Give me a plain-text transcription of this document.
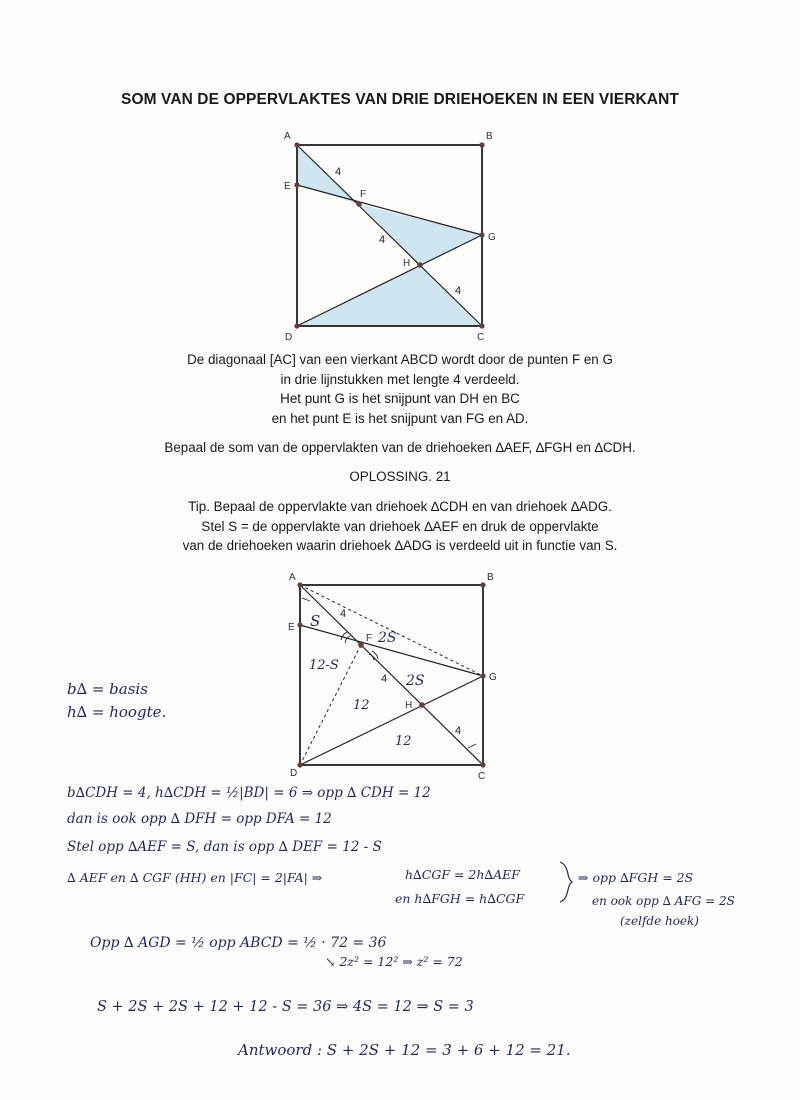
SOM VAN DE OPPERVLAKTES VAN DRIE DRIEHOEKEN IN EEN VIERKANT
A	B
C
D
E
F
G
H
4
4
4
De diagonaal [AC] van een vierkant ABCD wordt door de punten F en G
in drie lijnstukken met lengte 4 verdeeld.
Het punt G is het snijpunt van DH en BC
en het punt E is het snijpunt van FG en AD.
Bepaal de som van de oppervlakten van de driehoeken ∆AEF, ∆FGH en ∆CDH.
OPLOSSING. 21
Tip. Bepaal de oppervlakte van driehoek ∆CDH en van driehoek ∆ADG.
Stel S = de oppervlakte van driehoek ∆AEF en druk de oppervlakte
van de driehoeken waarin driehoek ∆ADG is verdeeld uit in functie van S.
A	B
C
D
E
F
G
H
4
4
4
S
2S
12-S
2S
12
12
b∆ = basis
h∆ = hoogte.
b∆CDH = 4, h∆CDH = ½|BD| = 6 ⇒ opp ∆ CDH = 12
dan is ook opp ∆ DFH = opp DFA = 12
Stel opp ∆AEF = S, dan is opp ∆ DEF = 12 - S
∆ AEF en ∆ CGF (HH) en |FC| = 2|FA| ⇒	h∆CGF = 2h∆AEF
en h∆FGH = h∆CGF
⇒ opp ∆FGH = 2S
en ook opp ∆ AFG = 2S
(zelfde hoek)
Opp ∆ AGD = ½ opp ABCD = ½ · 72 = 36
↘ 2z² = 12² ⇒ z² = 72
S + 2S + 2S + 12 + 12 - S = 36 ⇒ 4S = 12 ⇒ S = 3
Antwoord : S + 2S + 12 = 3 + 6 + 12 = 21.
